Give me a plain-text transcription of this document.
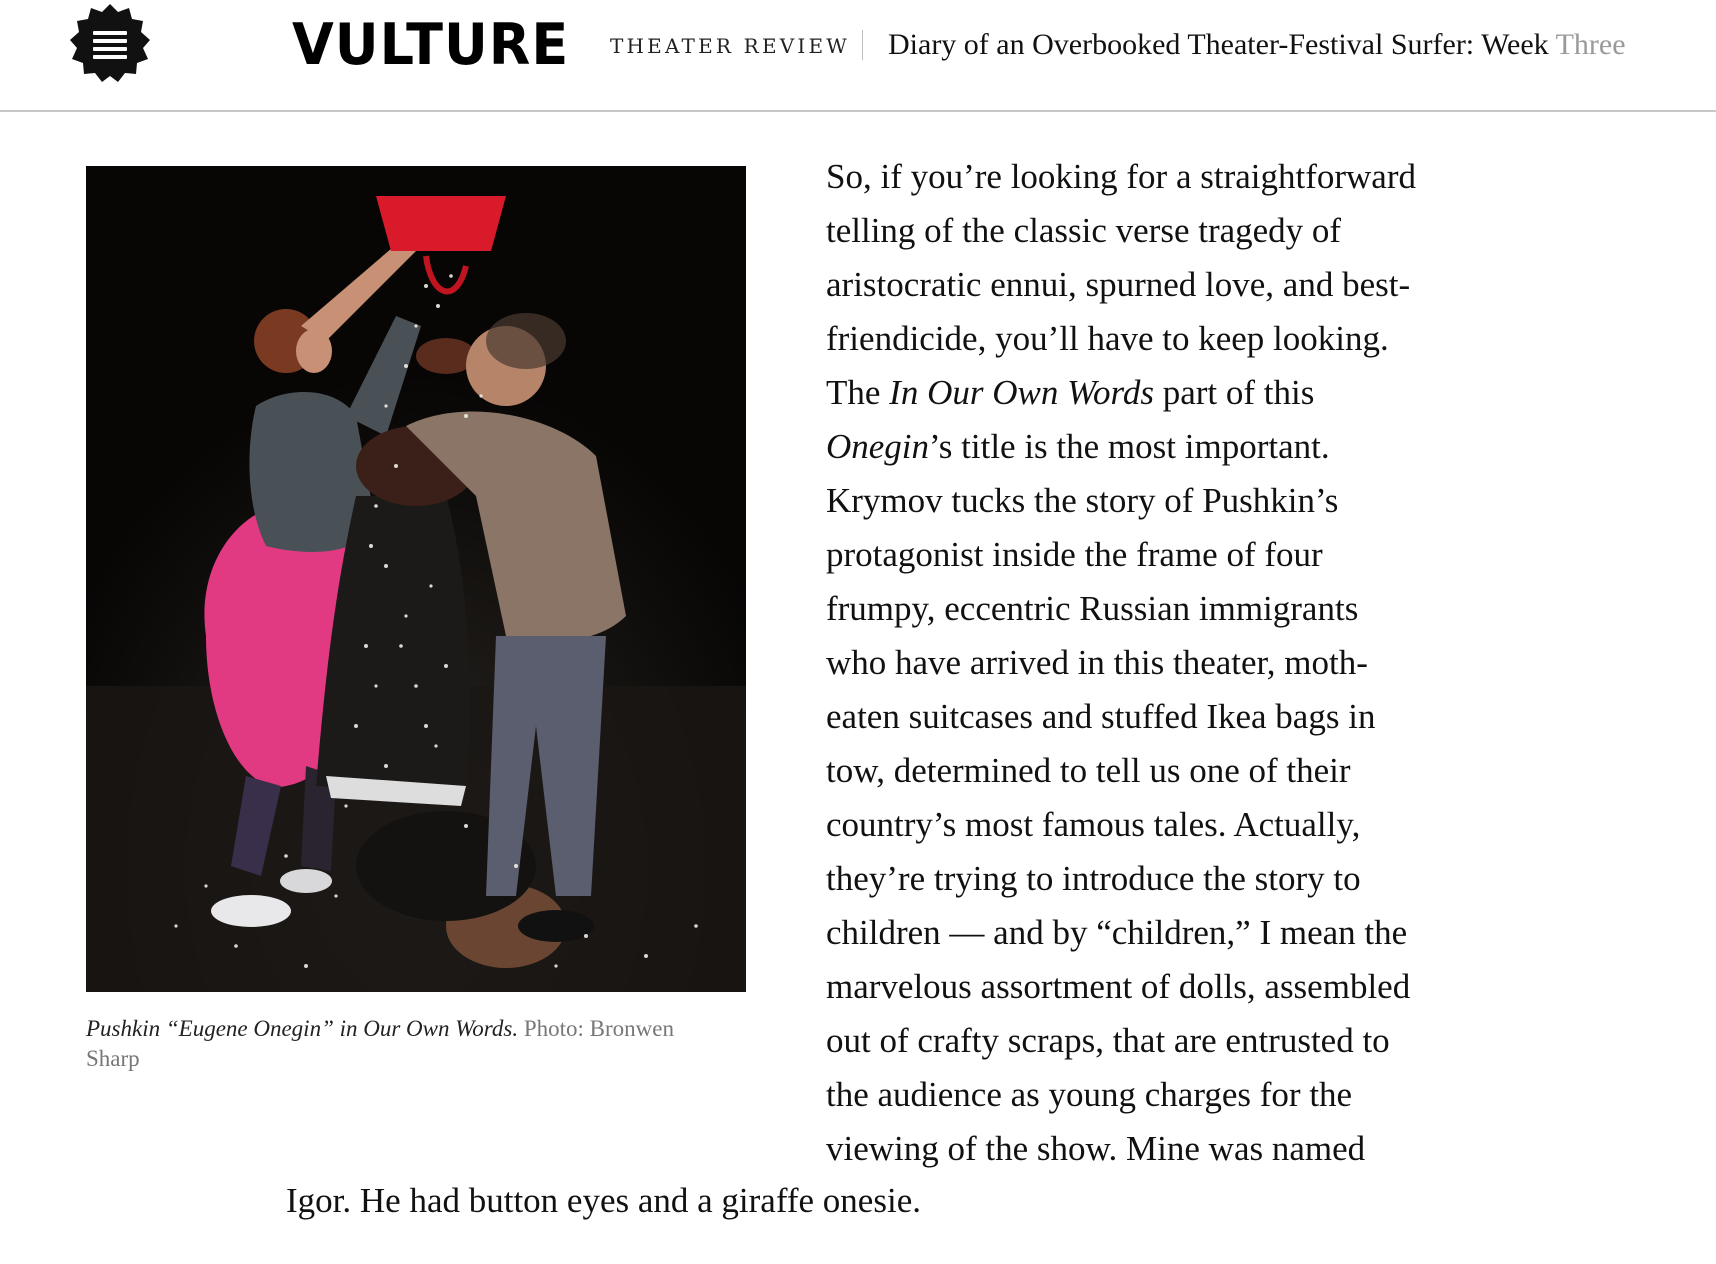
VULTURE THEATER REVIEW Diary of an Overbooked Theater-Festival Surfer: Week Three
Pushkin “Eugene Onegin” in Our Own Words. Photo: Bronwen Sharp
So, if you’re looking for a straightforward
telling of the classic verse tragedy of
aristocratic ennui, spurned love, and best-
friendicide, you’ll have to keep looking.
The In Our Own Words part of this
Onegin’s title is the most important.
Krymov tucks the story of Pushkin’s
protagonist inside the frame of four
frumpy, eccentric Russian immigrants
who have arrived in this theater, moth-
eaten suitcases and stuffed Ikea bags in
tow, determined to tell us one of their
country’s most famous tales. Actually,
they’re trying to introduce the story to
children — and by “children,” I mean the
marvelous assortment of dolls, assembled
out of crafty scraps, that are entrusted to
the audience as young charges for the
viewing of the show. Mine was named
Igor. He had button eyes and a giraffe onesie.
